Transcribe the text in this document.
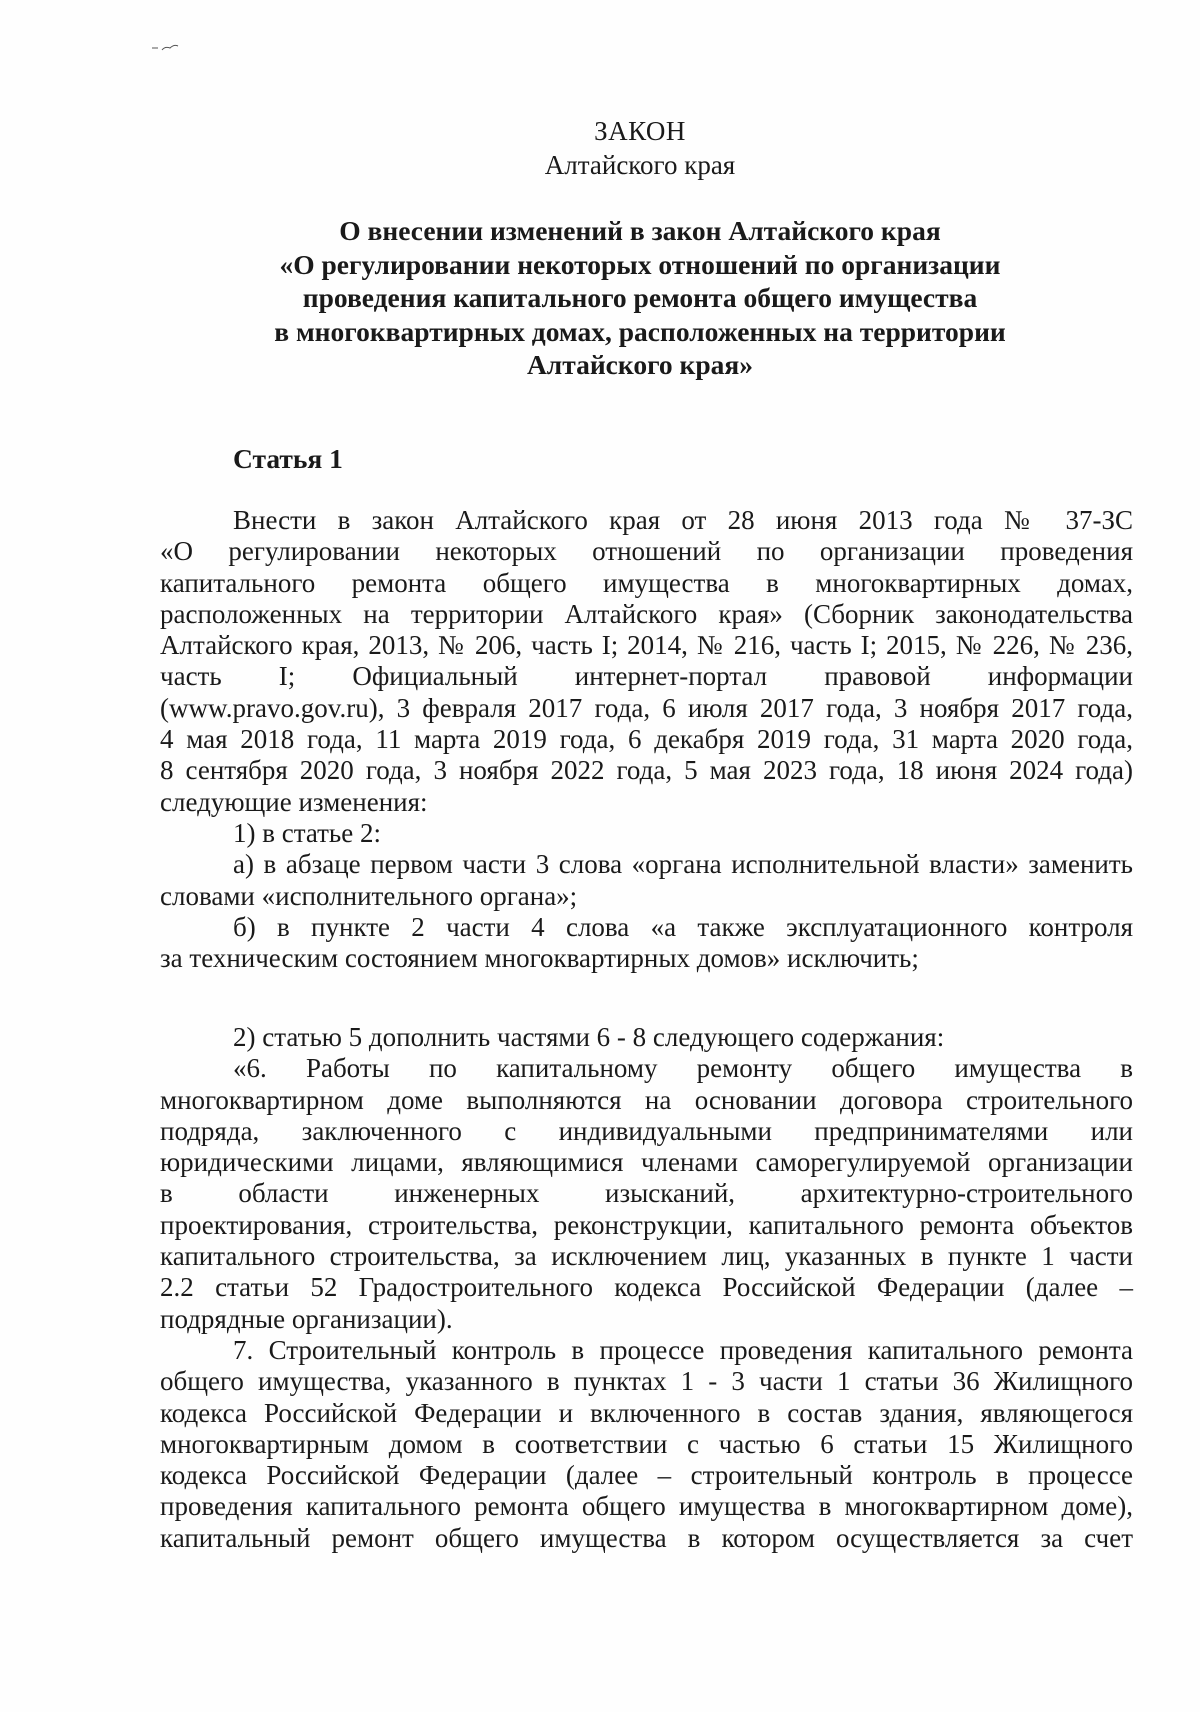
ЗАКОН
Алтайского края
О внесении изменений в закон Алтайского края
«О регулировании некоторых отношений по организации
проведения капитального ремонта общего имущества
в многоквартирных домах, расположенных на территории
Алтайского края»
Статья 1
Внести в закон Алтайского края от 28 июня 2013 года № 37-ЗС
«О регулировании некоторых отношений по организации проведения
капитального ремонта общего имущества в многоквартирных домах,
расположенных на территории Алтайского края» (Сборник законодательства
Алтайского края, 2013, № 206, часть I; 2014, № 216, часть I; 2015, № 226, № 236,
часть I; Официальный интернет-портал правовой информации
(www.pravo.gov.ru), 3 февраля 2017 года, 6 июля 2017 года, 3 ноября 2017 года,
4 мая 2018 года, 11 марта 2019 года, 6 декабря 2019 года, 31 марта 2020 года,
8 сентября 2020 года, 3 ноября 2022 года, 5 мая 2023 года, 18 июня 2024 года)
следующие изменения:
1) в статье 2:
а) в абзаце первом части 3 слова «органа исполнительной власти» заменить
словами «исполнительного органа»;
б) в пункте 2 части 4 слова «а также эксплуатационного контроля
за техническим состоянием многоквартирных домов» исключить;
2) статью 5 дополнить частями 6 - 8 следующего содержания:
«6. Работы по капитальному ремонту общего имущества в
многоквартирном доме выполняются на основании договора строительного
подряда, заключенного с индивидуальными предпринимателями или
юридическими лицами, являющимися членами саморегулируемой организации
в области инженерных изысканий, архитектурно-строительного
проектирования, строительства, реконструкции, капитального ремонта объектов
капитального строительства, за исключением лиц, указанных в пункте 1 части
2.2 статьи 52 Градостроительного кодекса Российской Федерации (далее –
подрядные организации).
7. Строительный контроль в процессе проведения капитального ремонта
общего имущества, указанного в пунктах 1 - 3 части 1 статьи 36 Жилищного
кодекса Российской Федерации и включенного в состав здания, являющегося
многоквартирным домом в соответствии с частью 6 статьи 15 Жилищного
кодекса Российской Федерации (далее – строительный контроль в процессе
проведения капитального ремонта общего имущества в многоквартирном доме),
капитальный ремонт общего имущества в котором осуществляется за счет
